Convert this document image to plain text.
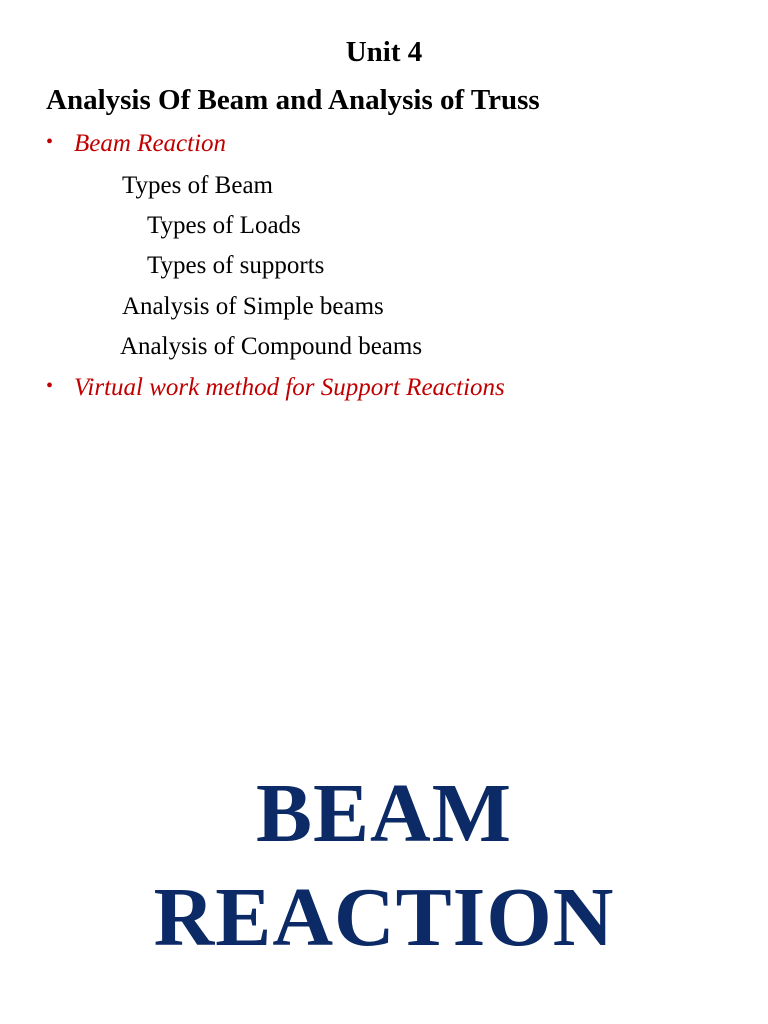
Unit 4
Analysis Of Beam and Analysis of Truss
• Beam Reaction
Types of Beam
Types of Loads
Types of supports
Analysis of Simple beams
Analysis of Compound beams
• Virtual work method for Support Reactions
BEAM
REACTION
